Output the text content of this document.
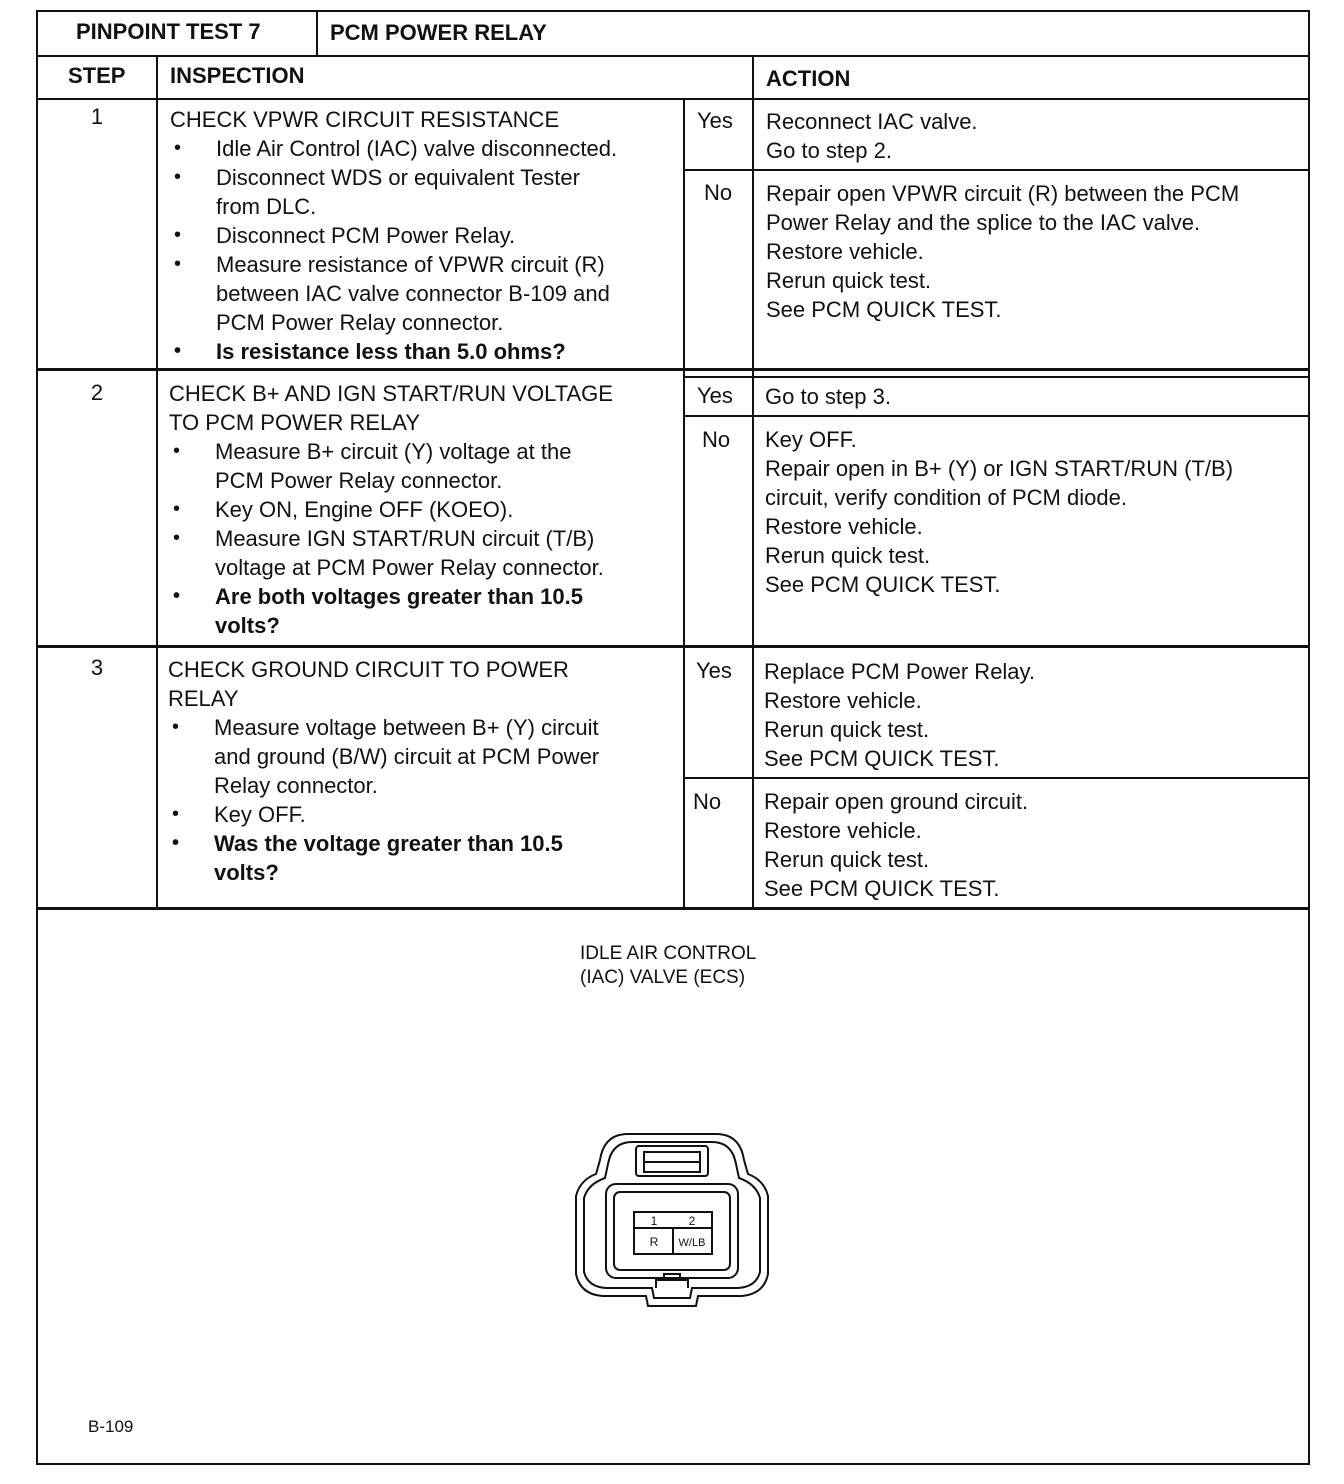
PINPOINT TEST 7	PCM POWER RELAY
STEP INSPECTION	ACTION
1	CHECK VPWR CIRCUIT RESISTANCE
• Idle Air Control (IAC) valve disconnected.
• Disconnect WDS or equivalent Tester
from DLC.
• Disconnect PCM Power Relay.
• Measure resistance of VPWR circuit (R)
between IAC valve connector B-109 and
PCM Power Relay connector.
• Is resistance less than 5.0 ohms?
Yes Reconnect IAC valve.
Go to step 2.
No Repair open VPWR circuit (R) between the PCM
Power Relay and the splice to the IAC valve.
Restore vehicle.
Rerun quick test.
See PCM QUICK TEST.
2	CHECK B+ AND IGN START/RUN VOLTAGE
TO PCM POWER RELAY
• Measure B+ circuit (Y) voltage at the
PCM Power Relay connector.
• Key ON, Engine OFF (KOEO).
• Measure IGN START/RUN circuit (T/B)
voltage at PCM Power Relay connector.
• Are both voltages greater than 10.5
volts?
Yes Go to step 3.
No Key OFF.
Repair open in B+ (Y) or IGN START/RUN (T/B)
circuit, verify condition of PCM diode.
Restore vehicle.
Rerun quick test.
See PCM QUICK TEST.
3	CHECK GROUND CIRCUIT TO POWER
RELAY
• Measure voltage between B+ (Y) circuit
and ground (B/W) circuit at PCM Power
Relay connector.
• Key OFF.
• Was the voltage greater than 10.5
volts?
Yes Replace PCM Power Relay.
Restore vehicle.
Rerun quick test.
See PCM QUICK TEST.
No Repair open ground circuit.
Restore vehicle.
Rerun quick test.
See PCM QUICK TEST.
IDLE AIR CONTROL
(IAC) VALVE (ECS)
1	2
R W/LB
B-109
